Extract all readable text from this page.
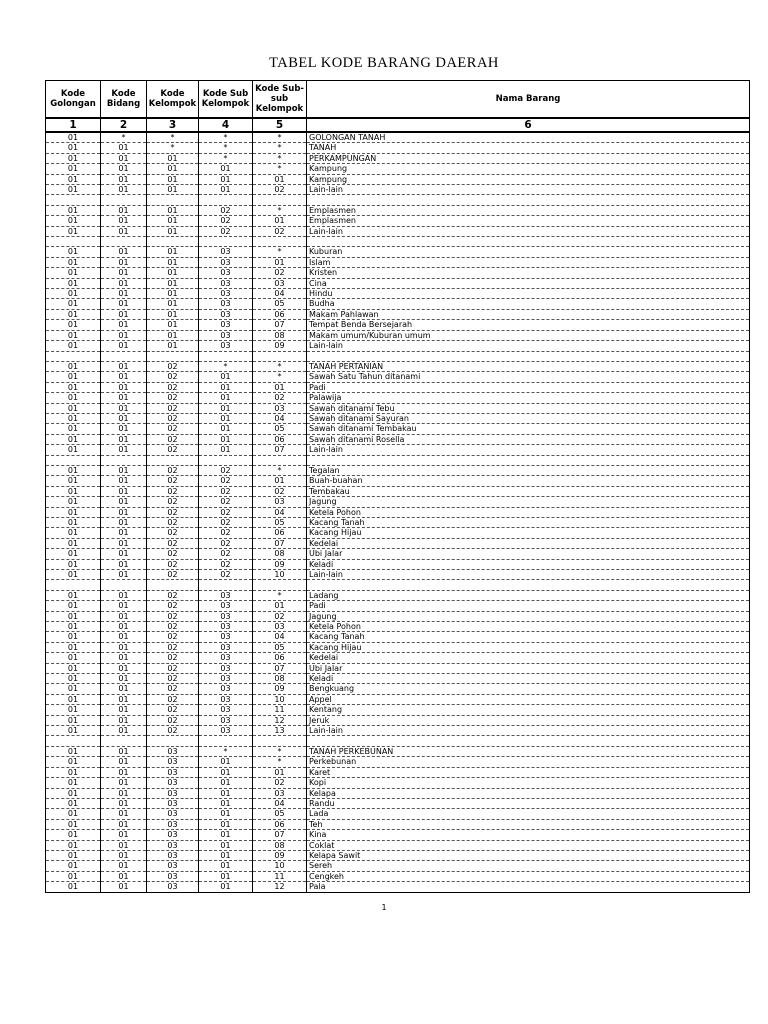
TABEL KODE BARANG DAERAH
Kode Golongan	Kode Bidang	Kode Kelompok	Kode Sub Kelompok	Kode Sub-sub Kelompok	Nama Barang
1	2	3	4	5	6
01	*	*	*	*	GOLONGAN TANAH
01	01	*	*	*	TANAH
01	01	01	*	*	PERKAMPUNGAN
01	01	01	01	*	Kampung
01	01	01	01	01	Kampung
01	01	01	01	02	Lain-lain

01	01	01	02	*	Emplasmen
01	01	01	02	01	Emplasmen
01	01	01	02	02	Lain-lain

01	01	01	03	*	Kuburan
01	01	01	03	01	Islam
01	01	01	03	02	Kristen
01	01	01	03	03	Cina
01	01	01	03	04	Hindu
01	01	01	03	05	Budha
01	01	01	03	06	Makam Pahlawan
01	01	01	03	07	Tempat Benda Bersejarah
01	01	01	03	08	Makam umum/Kuburan umum
01	01	01	03	09	Lain-lain

01	01	02	*	*	TANAH PERTANIAN
01	01	02	01	*	Sawah Satu Tahun ditanami
01	01	02	01	01	Padi
01	01	02	01	02	Palawija
01	01	02	01	03	Sawah ditanami Tebu
01	01	02	01	04	Sawah ditanami Sayuran
01	01	02	01	05	Sawah ditanami Tembakau
01	01	02	01	06	Sawah ditanami Rosella
01	01	02	01	07	Lain-lain

01	01	02	02	*	Tegalan
01	01	02	02	01	Buah-buahan
01	01	02	02	02	Tembakau
01	01	02	02	03	Jagung
01	01	02	02	04	Ketela Pohon
01	01	02	02	05	Kacang Tanah
01	01	02	02	06	Kacang Hijau
01	01	02	02	07	Kedelai
01	01	02	02	08	Ubi Jalar
01	01	02	02	09	Keladi
01	01	02	02	10	Lain-lain

01	01	02	03	*	Ladang
01	01	02	03	01	Padi
01	01	02	03	02	Jagung
01	01	02	03	03	Ketela Pohon
01	01	02	03	04	Kacang Tanah
01	01	02	03	05	Kacang Hijau
01	01	02	03	06	Kedelai
01	01	02	03	07	Ubi Jalar
01	01	02	03	08	Keladi
01	01	02	03	09	Bengkuang
01	01	02	03	10	Appel
01	01	02	03	11	Kentang
01	01	02	03	12	Jeruk
01	01	02	03	13	Lain-lain

01	01	03	*	*	TANAH PERKEBUNAN
01	01	03	01	*	Perkebunan
01	01	03	01	01	Karet
01	01	03	01	02	Kopi
01	01	03	01	03	Kelapa
01	01	03	01	04	Randu
01	01	03	01	05	Lada
01	01	03	01	06	Teh
01	01	03	01	07	Kina
01	01	03	01	08	Coklat
01	01	03	01	09	Kelapa Sawit
01	01	03	01	10	Sereh
01	01	03	01	11	Cengkeh
01	01	03	01	12	Pala
1
